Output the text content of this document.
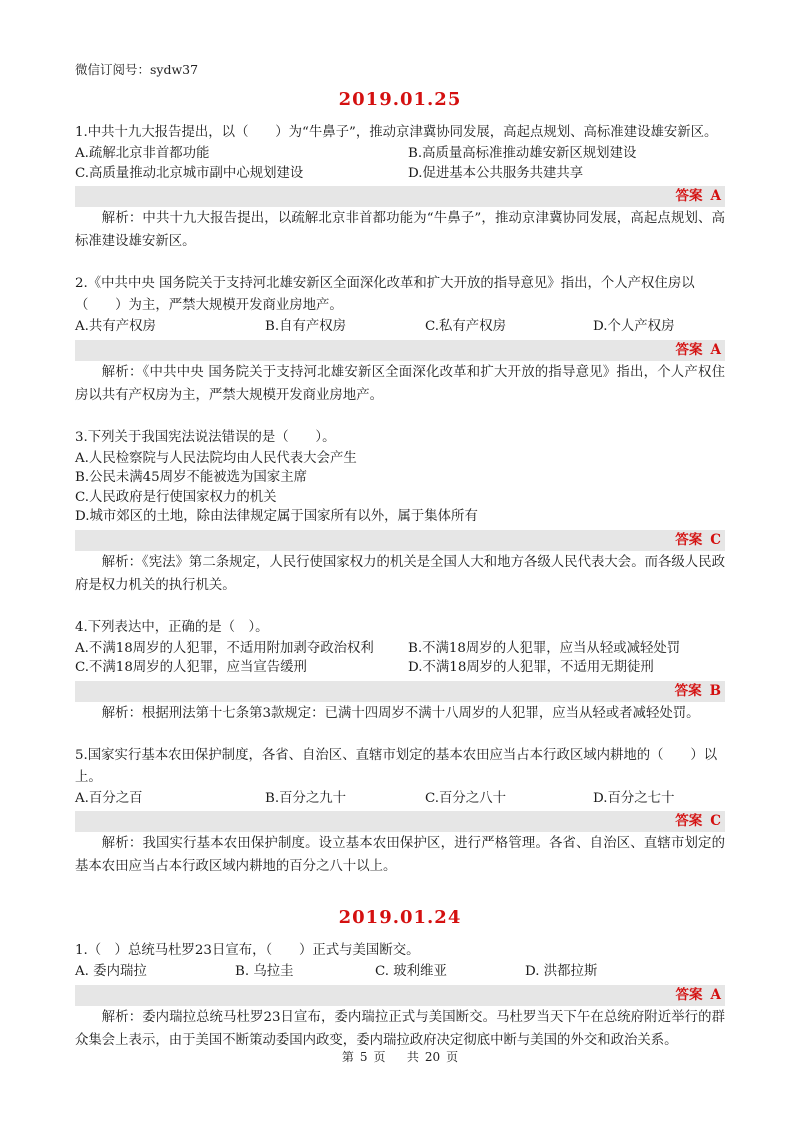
微信订阅号：sydw37
2019.01.25
1.中共十九大报告提出，以（　　）为“牛鼻子”，推动京津冀协同发展，高起点规划、高标准建设雄安新区。
A.疏解北京非首都功能	B.高质量高标准推动雄安新区规划建设
C.高质量推动北京城市副中心规划建设	D.促进基本公共服务共建共享
答案 A
解析：中共十九大报告提出，以疏解北京非首都功能为“牛鼻子”，推动京津冀协同发展，高起点规划、高标准建设雄安新区。
2.《中共中央 国务院关于支持河北雄安新区全面深化改革和扩大开放的指导意见》指出，个人产权住房以（　　）为主，严禁大规模开发商业房地产。
A.共有产权房	B.自有产权房	C.私有产权房	D.个人产权房
答案 A
解析：《中共中央 国务院关于支持河北雄安新区全面深化改革和扩大开放的指导意见》指出，个人产权住房以共有产权房为主，严禁大规模开发商业房地产。
3.下列关于我国宪法说法错误的是（　　）。
A.人民检察院与人民法院均由人民代表大会产生
B.公民未满45周岁不能被选为国家主席
C.人民政府是行使国家权力的机关
D.城市郊区的土地，除由法律规定属于国家所有以外，属于集体所有
答案 C
解析：《宪法》第二条规定，人民行使国家权力的机关是全国人大和地方各级人民代表大会。而各级人民政府是权力机关的执行机关。
4.下列表达中，正确的是（　）。
A.不满18周岁的人犯罪，不适用附加剥夺政治权利	B.不满18周岁的人犯罪，应当从轻或减轻处罚
C.不满18周岁的人犯罪，应当宣告缓刑	D.不满18周岁的人犯罪，不适用无期徒刑
答案 B
解析：根据刑法第十七条第3款规定：已满十四周岁不满十八周岁的人犯罪，应当从轻或者减轻处罚。
5.国家实行基本农田保护制度，各省、自治区、直辖市划定的基本农田应当占本行政区域内耕地的（　　）以上。
A.百分之百	B.百分之九十	C.百分之八十	D.百分之七十
答案 C
解析：我国实行基本农田保护制度。设立基本农田保护区，进行严格管理。各省、自治区、直辖市划定的基本农田应当占本行政区域内耕地的百分之八十以上。
2019.01.24
1.（　）总统马杜罗23日宣布，（　　）正式与美国断交。
A. 委内瑞拉	B. 乌拉圭	C. 玻利维亚	D. 洪都拉斯
答案 A
解析：委内瑞拉总统马杜罗23日宣布，委内瑞拉正式与美国断交。马杜罗当天下午在总统府附近举行的群众集会上表示，由于美国不断策动委国内政变，委内瑞拉政府决定彻底中断与美国的外交和政治关系。
第 5 页 共 20 页
